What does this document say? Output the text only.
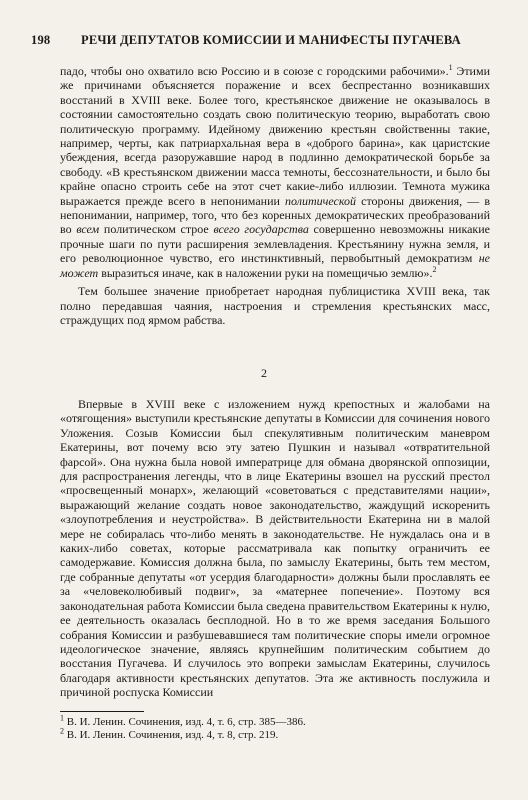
198 РЕЧИ ДЕПУТАТОВ КОМИССИИ И МАНИФЕСТЫ ПУГАЧЕВА

падо, чтобы оно охватило всю Россию и в союзе с городскими рабочими».$^1$ Этими же причинами объясняется поражение и всех беспрестанно возникавших восстаний в XVIII веке. Более того, крестьянское движение не оказывалось в состоянии самостоятельно создать свою политическую теорию, выработать свою политическую программу. Идейному движению крестьян свойственны такие, например, черты, как патриархальная вера в «доброго барина», как царистские убеждения, всегда разоружавшие народ в подлинно демократической борьбе за свободу. «В крестьянском движении масса темноты, бессознательности, и было бы крайне опасно строить себе на этот счет какие-либо иллюзии. Темнота мужика выражается прежде всего в непонимании политической стороны движения, — в непонимании, например, того, что без коренных демократических преобразований во всем политическом строе всего государства совершенно невозможны никакие прочные шаги по пути расширения землевладения. Крестьянину нужна земля, и его революционное чувство, его инстинктивный, первобытный демократизм не может выразиться иначе, как в наложении руки на помещичью землю».$^2$

Тем большее значение приобретает народная публицистика XVIII века, так полно передавшая чаяния, настроения и стремления крестьянских масс, страждущих под ярмом рабства.

2

Впервые в XVIII веке с изложением нужд крепостных и жалобами на «отягощения» выступили крестьянские депутаты в Комиссии для сочинения нового Уложения. Созыв Комиссии был спекулятивным политическим маневром Екатерины, вот почему всю эту затею Пушкин и называл «отвратительной фарсой». Она нужна была новой императрице для обмана дворянской оппозиции, для распространения легенды, что в лице Екатерины взошел на русский престол «просвещенный монарх», желающий «советоваться с представителями нации», выражающий желание создать новое законодательство, жаждущий искоренить «злоупотребления и неустройства». В действительности Екатерина ни в малой мере не собиралась что-либо менять в законодательстве. Не нуждалась она и в каких-либо советах, которые рассматривала как попытку ограничить ее самодержавие. Комиссия должна была, по замыслу Екатерины, быть тем местом, где собранные депутаты «от усердия благодарности» должны были прославлять ее за «человеколюбивый подвиг», за «матернее попечение». Поэтому вся законодательная работа Комиссии была сведена правительством Екатерины к нулю, ее деятельность оказалась бесплодной. Но в то же время заседания Большого собрания Комиссии и разбушевавшиеся там политические споры имели огромное идеологическое значение, являясь крупнейшим политическим событием до восстания Пугачева. И случилось это вопреки замыслам Екатерины, случилось благодаря активности крестьянских депутатов. Эта же активность послужила и причиной роспуска Комиссии

$^1$ В. И. Ленин. Сочинения, изд. 4, т. 6, стр. 385—386.
$^2$ В. И. Ленин. Сочинения, изд. 4, т. 8, стр. 219.
